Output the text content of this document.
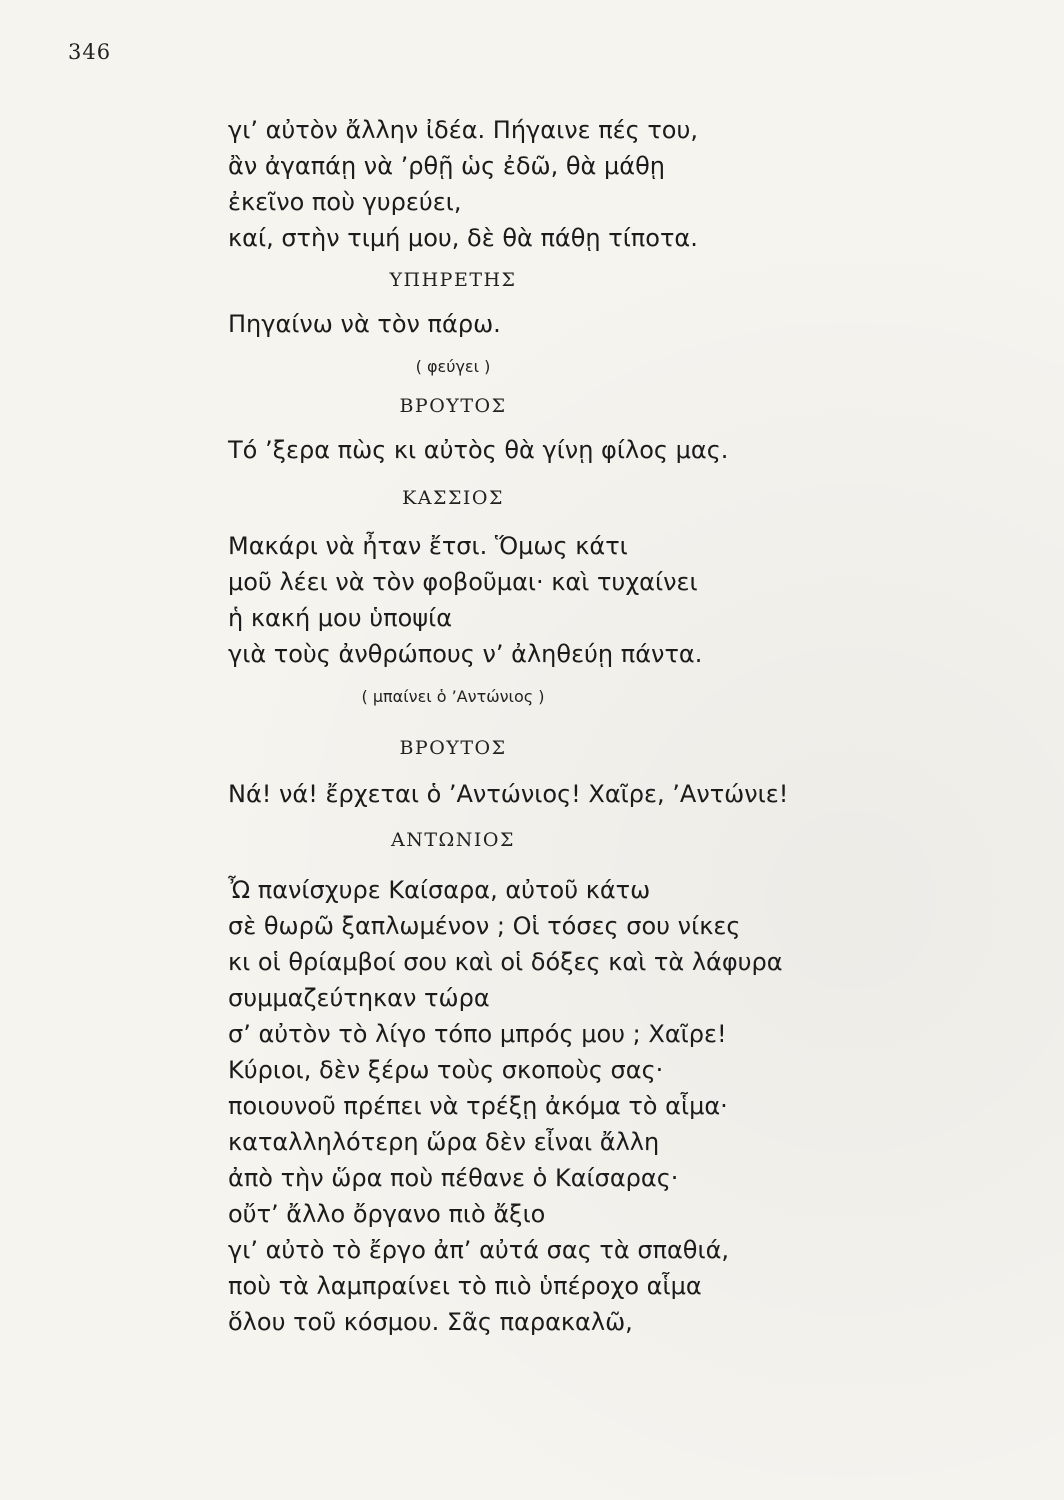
346
γι’ αὐτὸν ἄλλην ἰδέα. Πήγαινε πές του,
ἂν ἀγαπάῃ νὰ ’ρθῇ ὡς ἐδῶ, θὰ μάθῃ
ἐκεῖνο ποὺ γυρεύει,
καί, στὴν τιμή μου, δὲ θὰ πάθῃ τίποτα.
ΥΠΗΡΕΤΗΣ
Πηγαίνω νὰ τὸν πάρω.
( φεύγει )
ΒΡΟΥΤΟΣ
Τό ’ξερα πὼς κι αὐτὸς θὰ γίνῃ φίλος μας.
ΚΑΣΣΙΟΣ
Μακάρι νὰ ἦταν ἔτσι. Ὅμως κάτι
μοῦ λέει νὰ τὸν φοβοῦμαι· καὶ τυχαίνει
ἡ κακή μου ὑποψία
γιὰ τοὺς ἀνθρώπους ν’ ἀληθεύῃ πάντα.
( μπαίνει ὁ ’Αντώνιος )
ΒΡΟΥΤΟΣ
Νά! νά! ἔρχεται ὁ ’Αντώνιος! Χαῖρε, ’Αντώνιε!
ΑΝΤΩΝΙΟΣ
Ὦ πανίσχυρε Καίσαρα, αὐτοῦ κάτω
σὲ θωρῶ ξαπλωμένον ; Οἱ τόσες σου νίκες
κι οἱ θρίαμβοί σου καὶ οἱ δόξες καὶ τὰ λάφυρα
συμμαζεύτηκαν τώρα
σ’ αὐτὸν τὸ λίγο τόπο μπρός μου ; Χαῖρε!
Κύριοι, δὲν ξέρω τοὺς σκοποὺς σας·
ποιουνοῦ πρέπει νὰ τρέξῃ ἀκόμα τὸ αἷμα·
καταλληλότερη ὥρα δὲν εἶναι ἄλλη
ἀπὸ τὴν ὥρα ποὺ πέθανε ὁ Καίσαρας·
οὔτ’ ἄλλο ὄργανο πιὸ ἄξιο
γι’ αὐτὸ τὸ ἔργο ἀπ’ αὐτά σας τὰ σπαθιά,
ποὺ τὰ λαμπραίνει τὸ πιὸ ὑπέροχο αἷμα
ὅλου τοῦ κόσμου. Σᾶς παρακαλῶ,
